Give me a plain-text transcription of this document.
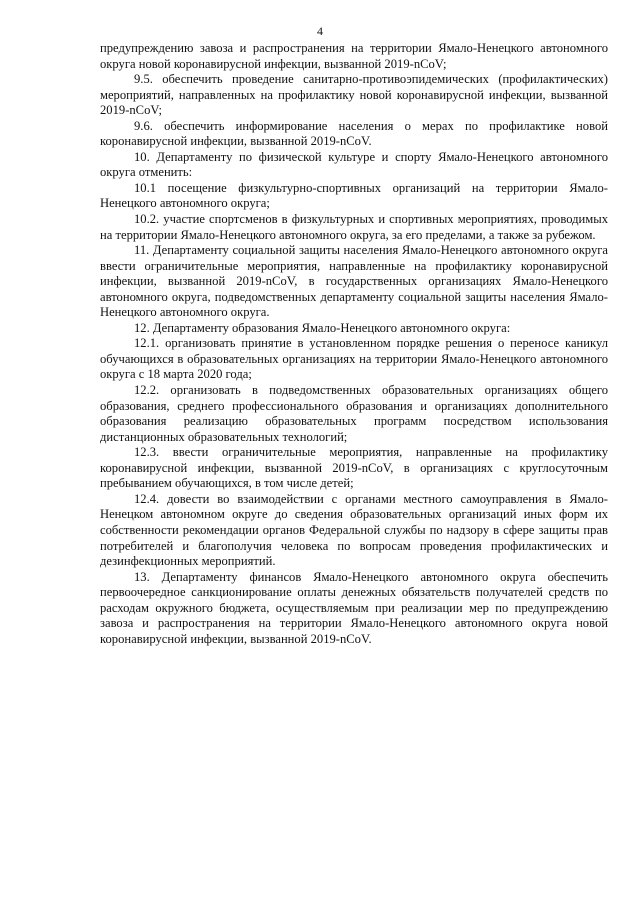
4

предупреждению завоза и распространения на территории Ямало-Ненецкого автономного округа новой коронавирусной инфекции, вызванной 2019-nCoV;

9.5. обеспечить проведение санитарно-противоэпидемических (профилактических) мероприятий, направленных на профилактику новой коронавирусной инфекции, вызванной 2019-nCoV;

9.6. обеспечить информирование населения о мерах по профилактике новой коронавирусной инфекции, вызванной 2019-nCoV.

10. Департаменту по физической культуре и спорту Ямало-Ненецкого автономного округа отменить:

10.1 посещение физкультурно-спортивных организаций на территории Ямало-Ненецкого автономного округа;

10.2. участие спортсменов в физкультурных и спортивных мероприятиях, проводимых на территории Ямало-Ненецкого автономного округа, за его пределами, а также за рубежом.

11. Департаменту социальной защиты населения Ямало-Ненецкого автономного округа ввести ограничительные мероприятия, направленные на профилактику коронавирусной инфекции, вызванной 2019-nCoV, в государственных организациях Ямало-Ненецкого автономного округа, подведомственных департаменту социальной защиты населения Ямало-Ненецкого автономного округа.

12. Департаменту образования Ямало-Ненецкого автономного округа:

12.1. организовать принятие в установленном порядке решения о переносе каникул обучающихся в образовательных организациях на территории Ямало-Ненецкого автономного округа с 18 марта 2020 года;

12.2. организовать в подведомственных образовательных организациях общего образования, среднего профессионального образования и организациях дополнительного образования реализацию образовательных программ посредством использования дистанционных образовательных технологий;

12.3. ввести ограничительные мероприятия, направленные на профилактику коронавирусной инфекции, вызванной 2019-nCoV, в организациях с круглосуточным пребыванием обучающихся, в том числе детей;

12.4. довести во взаимодействии с органами местного самоуправления в Ямало-Ненецком автономном округе до сведения образовательных организаций иных форм их собственности рекомендации органов Федеральной службы по надзору в сфере защиты прав потребителей и благополучия человека по вопросам проведения профилактических и дезинфекционных мероприятий.

13. Департаменту финансов Ямало-Ненецкого автономного округа обеспечить первоочередное санкционирование оплаты денежных обязательств получателей средств по расходам окружного бюджета, осуществляемым при реализации мер по предупреждению завоза и распространения на территории Ямало-Ненецкого автономного округа новой коронавирусной инфекции, вызванной 2019-nCoV.
